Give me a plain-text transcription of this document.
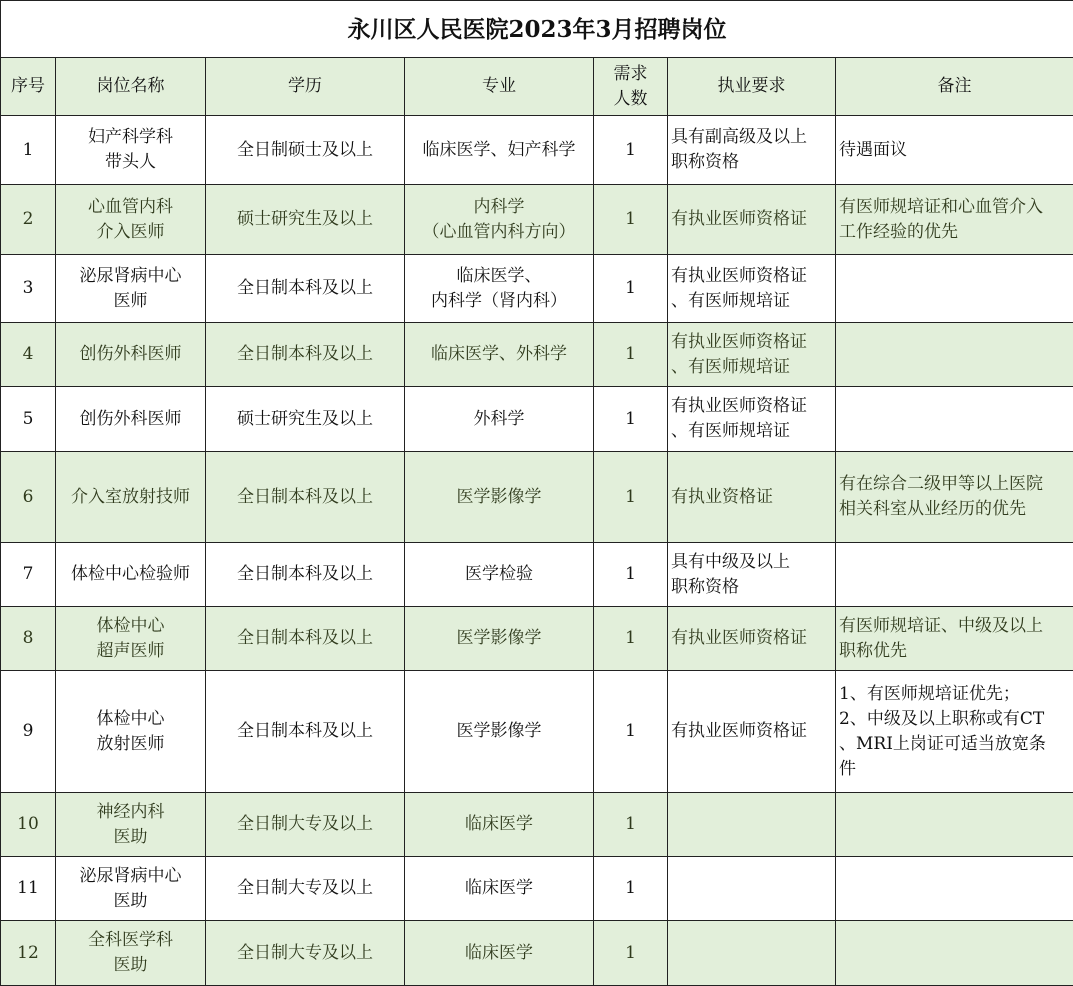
永川区人民医院2023年3月招聘岗位						
序号	岗位名称	学历	专业	需求
人数	执业要求	备注
1	妇产科学科
带头人	全日制硕士及以上	临床医学、妇产科学	1	具有副高级及以上
职称资格	待遇面议
2	心血管内科
介入医师	硕士研究生及以上	内科学
（心血管内科方向）	1	有执业医师资格证	有医师规培证和心血管介入
工作经验的优先
3	泌尿肾病中心
医师	全日制本科及以上	临床医学、
内科学（肾内科）	1	有执业医师资格证
、有医师规培证	
4	创伤外科医师	全日制本科及以上	临床医学、外科学	1	有执业医师资格证
、有医师规培证	
5	创伤外科医师	硕士研究生及以上	外科学	1	有执业医师资格证
、有医师规培证	
6	介入室放射技师	全日制本科及以上	医学影像学	1	有执业资格证	有在综合二级甲等以上医院
相关科室从业经历的优先
7	体检中心检验师	全日制本科及以上	医学检验	1	具有中级及以上
职称资格	
8	体检中心
超声医师	全日制本科及以上	医学影像学	1	有执业医师资格证	有医师规培证、中级及以上
职称优先
9	体检中心
放射医师	全日制本科及以上	医学影像学	1	有执业医师资格证	1、有医师规培证优先；
2、中级及以上职称或有CT
、MRI上岗证可适当放宽条
件
10	神经内科
医助	全日制大专及以上	临床医学	1		
11	泌尿肾病中心
医助	全日制大专及以上	临床医学	1		
12	全科医学科
医助	全日制大专及以上	临床医学	1		
